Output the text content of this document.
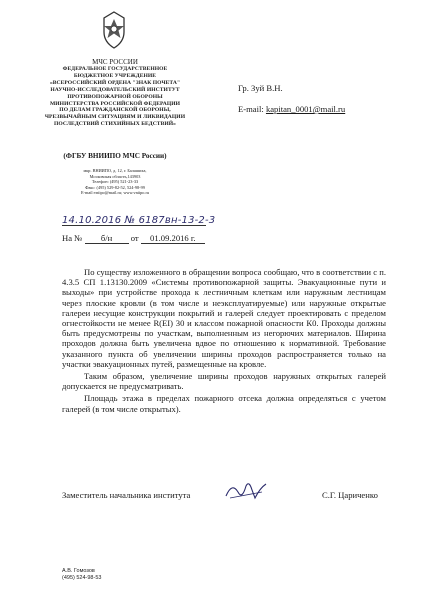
МЧС РОССИИ
ФЕДЕРАЛЬНОЕ ГОСУДАРСТВЕННОЕ
БЮДЖЕТНОЕ УЧРЕЖДЕНИЕ
«ВСЕРОССИЙСКИЙ ОРДЕНА "ЗНАК ПОЧЕТА"
НАУЧНО-ИССЛЕДОВАТЕЛЬСКИЙ ИНСТИТУТ
ПРОТИВОПОЖАРНОЙ ОБОРОНЫ
МИНИСТЕРСТВА РОССИЙСКОЙ ФЕДЕРАЦИИ
ПО ДЕЛАМ ГРАЖДАНСКОЙ ОБОРОНЫ,
ЧРЕЗВЫЧАЙНЫМ СИТУАЦИЯМ И ЛИКВИДАЦИИ
ПОСЛЕДСТВИЙ СТИХИЙНЫХ БЕДСТВИЙ»
(ФГБУ ВНИИПО МЧС России)
мкр. ВНИИПО, д. 12, г. Балашиха,
Московская область,143903
Телефон: (495) 521-23-33
Факс: (495) 529-82-52, 524-98-99
E-mail:vniipo@mail.ru; www.vniipo.ru
Гр. Зуй В.Н.
E-mail: kapitan_0001@mail.ru
14.10.2016 № 6187вн-13-2-3
На № б/н от 01.09.2016 г.

По существу изложенного в обращении вопроса сообщаю, что в соответствии с п. 4.3.5 СП 1.13130.2009 «Системы противопожарной защиты. Эвакуационные пути и выходы» при устройстве прохода к лестничным клеткам или наружным лестницам через плоские кровли (в том числе и неэксплуатируемые) или наружные открытые галереи несущие конструкции покрытий и галерей следует проектировать с пределом огнестойкости не менее R(EI) 30 и классом пожарной опасности К0. Проходы должны быть предусмотрены по участкам, выполненным из негорючих материалов. Ширина проходов должна быть увеличена вдвое по отношению к нормативной. Требование указанного пункта об увеличении ширины проходов распространяется только на участки эвакуационных путей, размещенные на кровле.

Таким образом, увеличение ширины проходов наружных открытых галерей допускается не предусматривать.

Площадь этажа в пределах пожарного отсека должна определяться с учетом галерей (в том числе открытых).

Заместитель начальника института	С.Г. Цариченко
А.В. Гомозов
(495) 524-98-53
